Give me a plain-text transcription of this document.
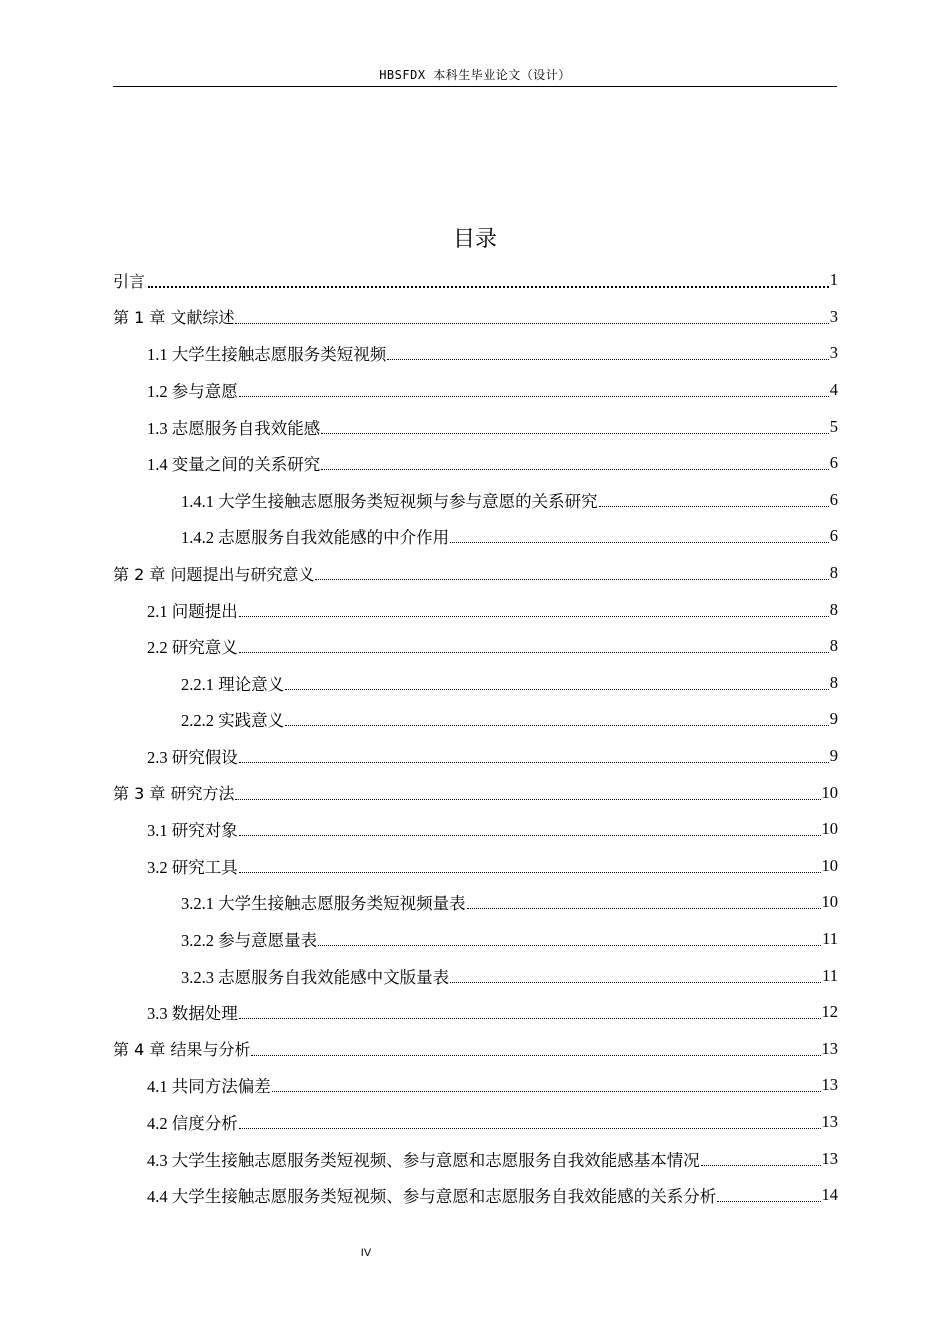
HBSFDX 本科生毕业论文（设计）
目录
引言	1
第 1 章 文献综述	3
1.1 大学生接触志愿服务类短视频	3
1.2 参与意愿	4
1.3 志愿服务自我效能感	5
1.4 变量之间的关系研究	6
1.4.1 大学生接触志愿服务类短视频与参与意愿的关系研究	6
1.4.2 志愿服务自我效能感的中介作用	6
第 2 章 问题提出与研究意义	8
2.1 问题提出	8
2.2 研究意义	8
2.2.1 理论意义	8
2.2.2 实践意义	9
2.3 研究假设	9
第 3 章 研究方法	10
3.1 研究对象	10
3.2 研究工具	10
3.2.1 大学生接触志愿服务类短视频量表	10
3.2.2 参与意愿量表	11
3.2.3 志愿服务自我效能感中文版量表	11
3.3 数据处理	12
第 4 章 结果与分析	13
4.1 共同方法偏差	13
4.2 信度分析	13
4.3 大学生接触志愿服务类短视频、参与意愿和志愿服务自我效能感基本情况	13
4.4 大学生接触志愿服务类短视频、参与意愿和志愿服务自我效能感的关系分析	14
IV
